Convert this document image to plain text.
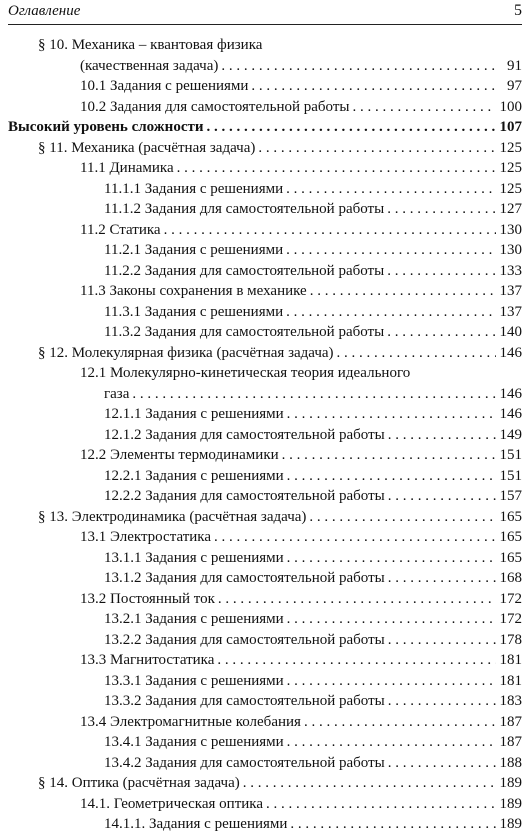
Оглавление	5
§ 10. Механика – квантовая физика
(качественная задача) . . .	91
10.1 Задания с решениями . . .	97
10.2 Задания для самостоятельной работы . . .	100
Высокий уровень сложности . . .	107
§ 11. Механика (расчётная задача) . . .	125
11.1 Динамика . . .	125
11.1.1 Задания с решениями . . .	125
11.1.2 Задания для самостоятельной работы . . .	127
11.2 Статика . . .	130
11.2.1 Задания с решениями . . .	130
11.2.2 Задания для самостоятельной работы . . .	133
11.3 Законы сохранения в механике . . .	137
11.3.1 Задания с решениями . . .	137
11.3.2 Задания для самостоятельной работы . . .	140
§ 12. Молекулярная физика (расчётная задача) . . .	146
12.1 Молекулярно-кинетическая теория идеального
газа . . .	146
12.1.1 Задания с решениями . . .	146
12.1.2 Задания для самостоятельной работы . . .	149
12.2 Элементы термодинамики . . .	151
12.2.1 Задания с решениями . . .	151
12.2.2 Задания для самостоятельной работы . . .	157
§ 13. Электродинамика (расчётная задача) . . .	165
13.1 Электростатика . . .	165
13.1.1 Задания с решениями . . .	165
13.1.2 Задания для самостоятельной работы . . .	168
13.2 Постоянный ток . . .	172
13.2.1 Задания с решениями . . .	172
13.2.2 Задания для самостоятельной работы . . .	178
13.3 Магнитостатика . . .	181
13.3.1 Задания с решениями . . .	181
13.3.2 Задания для самостоятельной работы . . .	183
13.4 Электромагнитные колебания . . .	187
13.4.1 Задания с решениями . . .	187
13.4.2 Задания для самостоятельной работы . . .	188
§ 14. Оптика (расчётная задача) . . .	189
14.1. Геометрическая оптика . . .	189
14.1.1. Задания с решениями . . .	189
